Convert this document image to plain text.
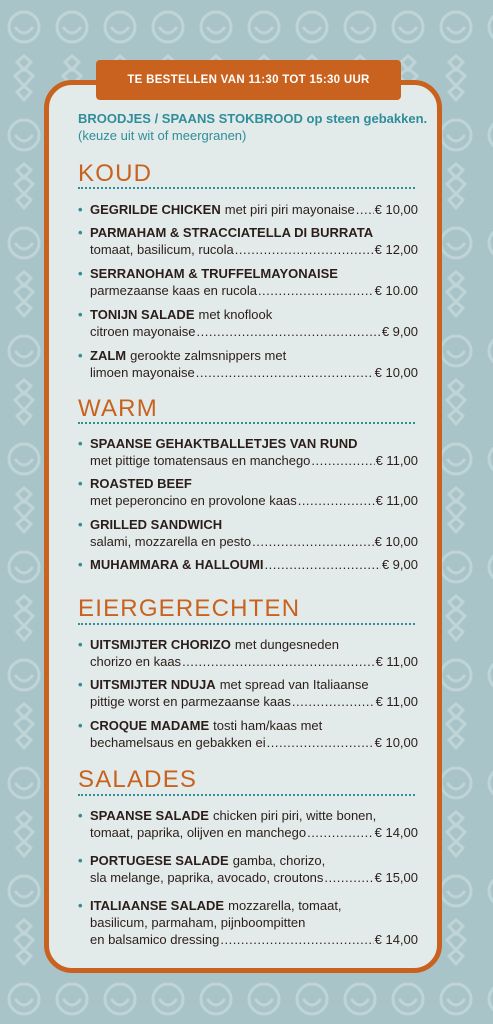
TE BESTELLEN VAN 11:30 TOT 15:30 UUR
BROODJES / SPAANS STOKBROOD op steen gebakken.
(keuze uit wit of meergranen)
KOUD
• GEGRILDE CHICKEN met piri piri mayonaise ..... € 10,00
• PARMAHAM & STRACCIATELLA DI BURRATA
tomaat, basilicum, rucola .....	€ 12,00
• SERRANOHAM & TRUFFELMAYONAISE
parmezaanse kaas en rucola .....	€ 10.00
• TONIJN SALADE met knoflook
citroen mayonaise .....	€ 9,00
• ZALM gerookte zalmsnippers met
limoen mayonaise .....	€ 10,00
WARM
• SPAANSE GEHAKTBALLETJES VAN RUND
met pittige tomatensaus en manchego .....	€ 11,00
• ROASTED BEEF
met peperoncino en provolone kaas .....	€ 11,00
• GRILLED SANDWICH
salami, mozzarella en pesto .....	€ 10,00
• MUHAMMARA & HALLOUMI .....	€ 9,00
EIERGERECHTEN
• UITSMIJTER CHORIZO met dungesneden
chorizo en kaas .....	€ 11,00
• UITSMIJTER NDUJA met spread van Italiaanse
pittige worst en parmezaanse kaas .....	€ 11,00
• CROQUE MADAME tosti ham/kaas met
bechamelsaus en gebakken ei .....	€ 10,00
SALADES
• SPAANSE SALADE chicken piri piri, witte bonen,
tomaat, paprika, olijven en manchego .....	€ 14,00
• PORTUGESE SALADE gamba, chorizo,
sla melange, paprika, avocado, croutons .....	€ 15,00
• ITALIAANSE SALADE mozzarella, tomaat,
basilicum, parmaham, pijnboompitten
en balsamico dressing .....	€ 14,00
